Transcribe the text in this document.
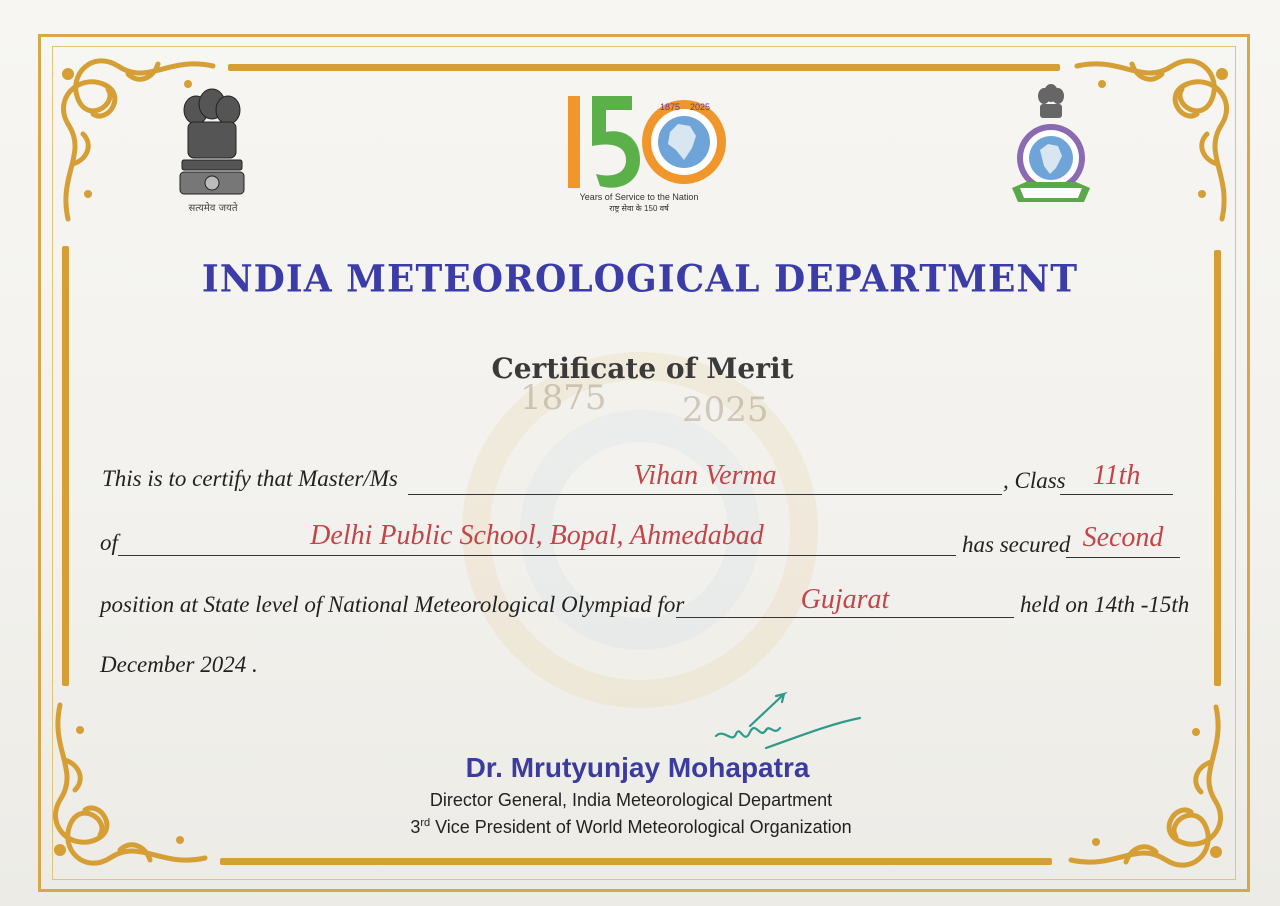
सत्यमेव जयते
1875 2025
Years of Service to the Nation
राष्ट्र सेवा के 150 वर्ष
1875 2025
INDIA METEOROLOGICAL DEPARTMENT
Certificate of Merit
This is to certify that Master/Ms	Vihan Verma	, Class 11th
of	Delhi Public School, Bopal, Ahmedabad	has secured Second
position at State level of National Meteorological Olympiad for	Gujarat	held on 14th -15th
December 2024 .
Dr. Mrutyunjay Mohapatra
Director General, India Meteorological Department
3rd Vice President of World Meteorological Organization
